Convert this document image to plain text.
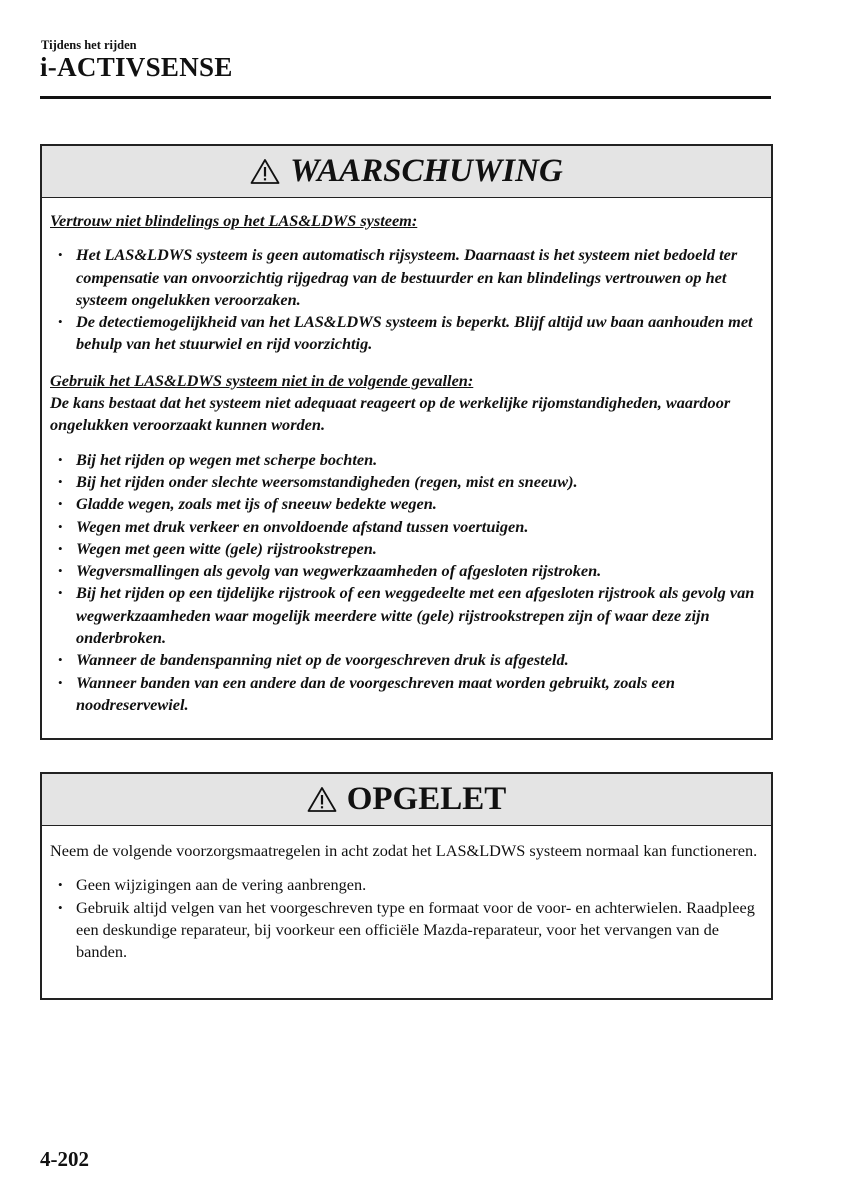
Tijdens het rijden
i-ACTIVSENSE
WAARSCHUWING

Vertrouw niet blindelings op het LAS&LDWS systeem:

• Het LAS&LDWS systeem is geen automatisch rijsysteem. Daarnaast is het systeem niet bedoeld ter compensatie van onvoorzichtig rijgedrag van de bestuurder en kan blindelings vertrouwen op het systeem ongelukken veroorzaken.
• De detectiemogelijkheid van het LAS&LDWS systeem is beperkt. Blijf altijd uw baan aanhouden met behulp van het stuurwiel en rijd voorzichtig.

Gebruik het LAS&LDWS systeem niet in de volgende gevallen:

De kans bestaat dat het systeem niet adequaat reageert op de werkelijke rijomstandigheden, waardoor ongelukken veroorzaakt kunnen worden.

• Bij het rijden op wegen met scherpe bochten.
• Bij het rijden onder slechte weersomstandigheden (regen, mist en sneeuw).
• Gladde wegen, zoals met ijs of sneeuw bedekte wegen.
• Wegen met druk verkeer en onvoldoende afstand tussen voertuigen.
• Wegen met geen witte (gele) rijstrookstrepen.
• Wegversmallingen als gevolg van wegwerkzaamheden of afgesloten rijstroken.
• Bij het rijden op een tijdelijke rijstrook of een weggedeelte met een afgesloten rijstrook als gevolg van wegwerkzaamheden waar mogelijk meerdere witte (gele) rijstrookstrepen zijn of waar deze zijn onderbroken.
• Wanneer de bandenspanning niet op de voorgeschreven druk is afgesteld.
• Wanneer banden van een andere dan de voorgeschreven maat worden gebruikt, zoals een noodreservewiel.
OPGELET

Neem de volgende voorzorgsmaatregelen in acht zodat het LAS&LDWS systeem normaal kan functioneren.

• Geen wijzigingen aan de vering aanbrengen.
• Gebruik altijd velgen van het voorgeschreven type en formaat voor de voor- en achterwielen. Raadpleeg een deskundige reparateur, bij voorkeur een officiële Mazda-reparateur, voor het vervangen van de banden.
4-202
